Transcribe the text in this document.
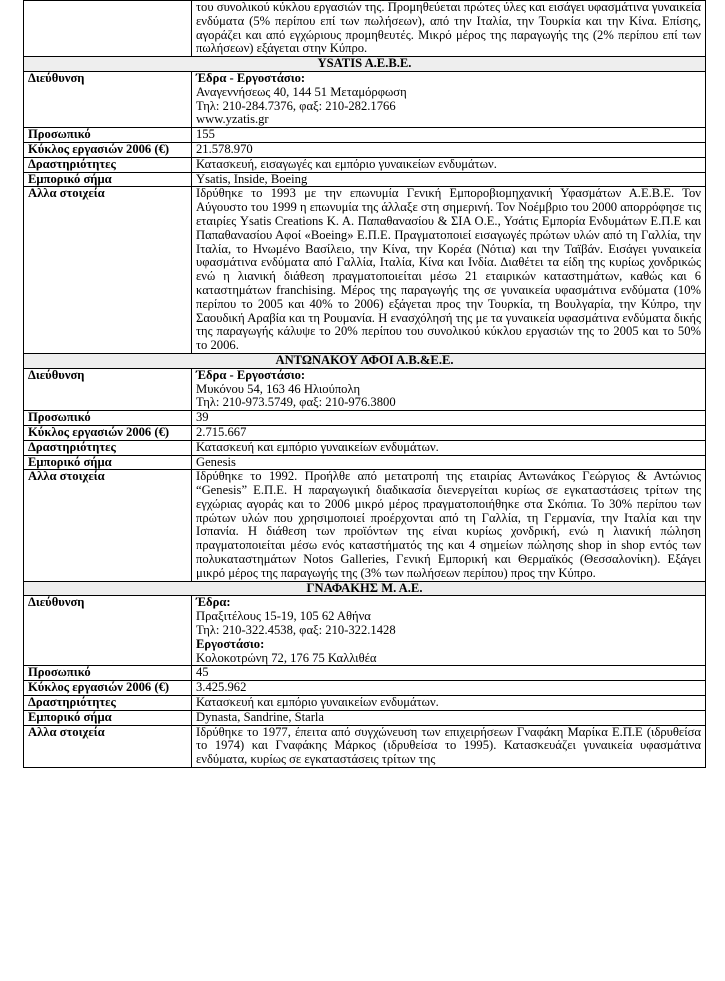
	του συνολικού κύκλου εργασιών της. Προμηθεύεται πρώτες ύλες και εισάγει υφασμάτινα γυναικεία ενδύματα (5% περίπου επί των πωλήσεων), από την Ιταλία, την Τουρκία και την Κίνα. Επίσης, αγοράζει και από εγχώριους προμηθευτές. Μικρό μέρος της παραγωγής της (2% περίπου επί των πωλήσεων) εξάγεται στην Κύπρο.
YSATIS A.E.B.E.	
Διεύθυνση	Έδρα - Εργοστάσιο:
Αναγεννήσεως 40, 144 51 Μεταμόρφωση
Τηλ: 210-284.7376, φαξ: 210-282.1766
www.yzatis.gr

Προσωπικό	155
Κύκλος εργασιών 2006 (€)	21.578.970
Δραστηριότητες	Κατασκευή, εισαγωγές και εμπόριο γυναικείων ενδυμάτων.
Εμπορικό σήμα	Ysatis, Inside, Boeing
Αλλα στοιχεία	Ιδρύθηκε το 1993 με την επωνυμία Γενική Εμποροβιομηχανική Υφασμάτων Α.Ε.Β.Ε. Τον Αύγουστο του 1999 η επωνυμία της άλλαξε στη σημερινή. Τον Νοέμβριο του 2000 απορρόφησε τις εταιρίες Ysatis Creations Κ. Α. Παπαθανασίου & ΣΙΑ Ο.Ε., Υσάτις Εμπορία Ενδυμάτων Ε.Π.Ε και Παπαθανασίου Αφοί «Boeing» Ε.Π.Ε. Πραγματοποιεί εισαγωγές πρώτων υλών από τη Γαλλία, την Ιταλία, το Ηνωμένο Βασίλειο, την Κίνα, την Κορέα (Νότια) και την Ταϊβάν. Εισάγει γυναικεία υφασμάτινα ενδύματα από Γαλλία, Ιταλία, Κίνα και Ινδία. Διαθέτει τα είδη της κυρίως χονδρικώς ενώ η λιανική διάθεση πραγματοποιείται μέσω 21 εταιρικών καταστημάτων, καθώς και 6 καταστημάτων franchising. Μέρος της παραγωγής της σε γυναικεία υφασμάτινα ενδύματα (10% περίπου το 2005 και 40% το 2006) εξάγεται προς την Τουρκία, τη Βουλγαρία, την Κύπρο, την Σαουδική Αραβία και τη Ρουμανία. Η ενασχόλησή της με τα γυναικεία υφασμάτινα ενδύματα δικής της παραγωγής κάλυψε το 20% περίπου του συνολικού κύκλου εργασιών της το 2005 και το 50% το 2006.
ΑΝΤΩΝΑΚΟΥ ΑΦΟΙ Α.Β.&Ε.Ε.	
Διεύθυνση	Έδρα - Εργοστάσιο:
Μυκόνου 54, 163 46 Ηλιούπολη
Τηλ: 210-973.5749, φαξ: 210-976.3800

Προσωπικό	39
Κύκλος εργασιών 2006 (€)	2.715.667
Δραστηριότητες	Κατασκευή και εμπόριο γυναικείων ενδυμάτων.
Εμπορικό σήμα	Genesis
Αλλα στοιχεία	Ιδρύθηκε το 1992. Προήλθε από μετατροπή της εταιρίας Αντωνάκος Γεώργιος & Αντώνιος “Genesis” Ε.Π.Ε. Η παραγωγική διαδικασία διενεργείται κυρίως σε εγκαταστάσεις τρίτων της εγχώριας αγοράς και το 2006 μικρό μέρος πραγματοποιήθηκε στα Σκόπια. Το 30% περίπου των πρώτων υλών που χρησιμοποιεί προέρχονται από τη Γαλλία, τη Γερμανία, την Ιταλία και την Ισπανία. Η διάθεση των προϊόντων της είναι κυρίως χονδρική, ενώ η λιανική πώληση πραγματοποιείται μέσω ενός καταστήματός της και 4 σημείων πώλησης shop in shop εντός των πολυκαταστημάτων Notos Galleries, Γενική Εμπορική και Θερμαϊκός (Θεσσαλονίκη). Εξάγει μικρό μέρος της παραγωγής της (3% των πωλήσεων περίπου) προς την Κύπρο.
ΓΝΑΦΑΚΗΣ Μ. Α.Ε.	
Διεύθυνση	Έδρα:
Πραξιτέλους 15-19, 105 62 Αθήνα
Τηλ: 210-322.4538, φαξ: 210-322.1428
Εργοστάσιο:
Κολοκοτρώνη 72, 176 75 Καλλιθέα

Προσωπικό	45
Κύκλος εργασιών 2006 (€)	3.425.962
Δραστηριότητες	Κατασκευή και εμπόριο γυναικείων ενδυμάτων.
Εμπορικό σήμα	Dynasta, Sandrine, Starla
Αλλα στοιχεία	Ιδρύθηκε το 1977, έπειτα από συγχώνευση των επιχειρήσεων Γναφάκη Μαρίκα Ε.Π.Ε (ιδρυθείσα το 1974) και Γναφάκης Μάρκος (ιδρυθείσα το 1995). Κατασκευάζει γυναικεία υφασμάτινα ενδύματα, κυρίως σε εγκαταστάσεις τρίτων της
